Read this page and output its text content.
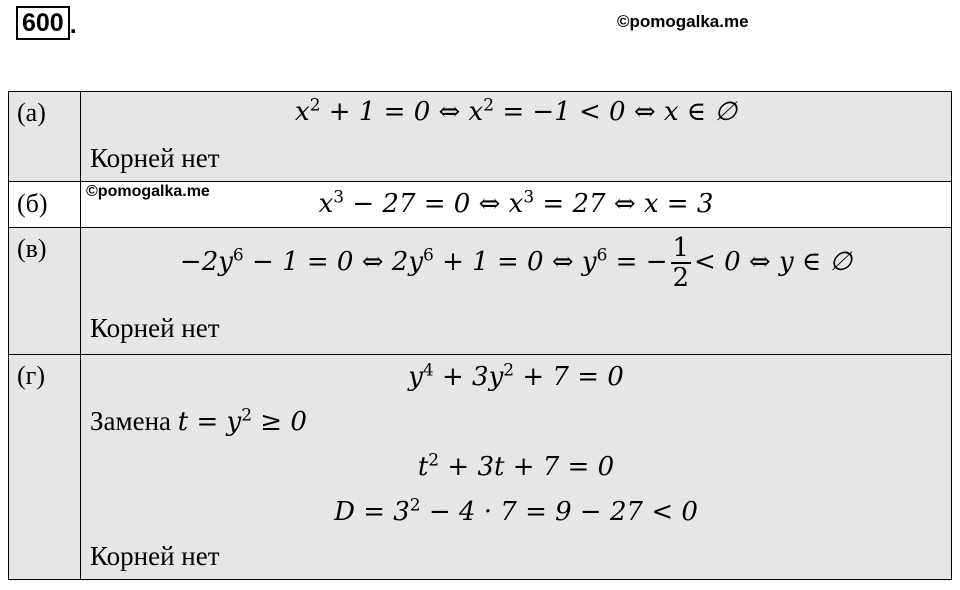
600 .	©pomogalka.me
(а)	$x^2 + 1 = 0$ ⇔ $x^2 = -1 < 0$ ⇔ x ∈ ∅
Корней нет
(б)	$x^3 - 27 = 0$ ⇔ $x^3 = 27$ ⇔ x = 3
(в)	$-2y^6 - 1 = 0$ ⇔ $2y^6 + 1 = 0$ ⇔ $y^6$ = − $\frac{1}{2} < 0$ ⇔ y ∈ ∅
Корней нет
(г)	$y^4 + 3y^2 + 7 = 0$
Замена $t = y^2 \ge 0$
$t^2 + 3t + 7 = 0$
$D = 3^2 - 4 \cdot 7 = 9 - 27 < 0$
Корней нет
©pomogalka.me
